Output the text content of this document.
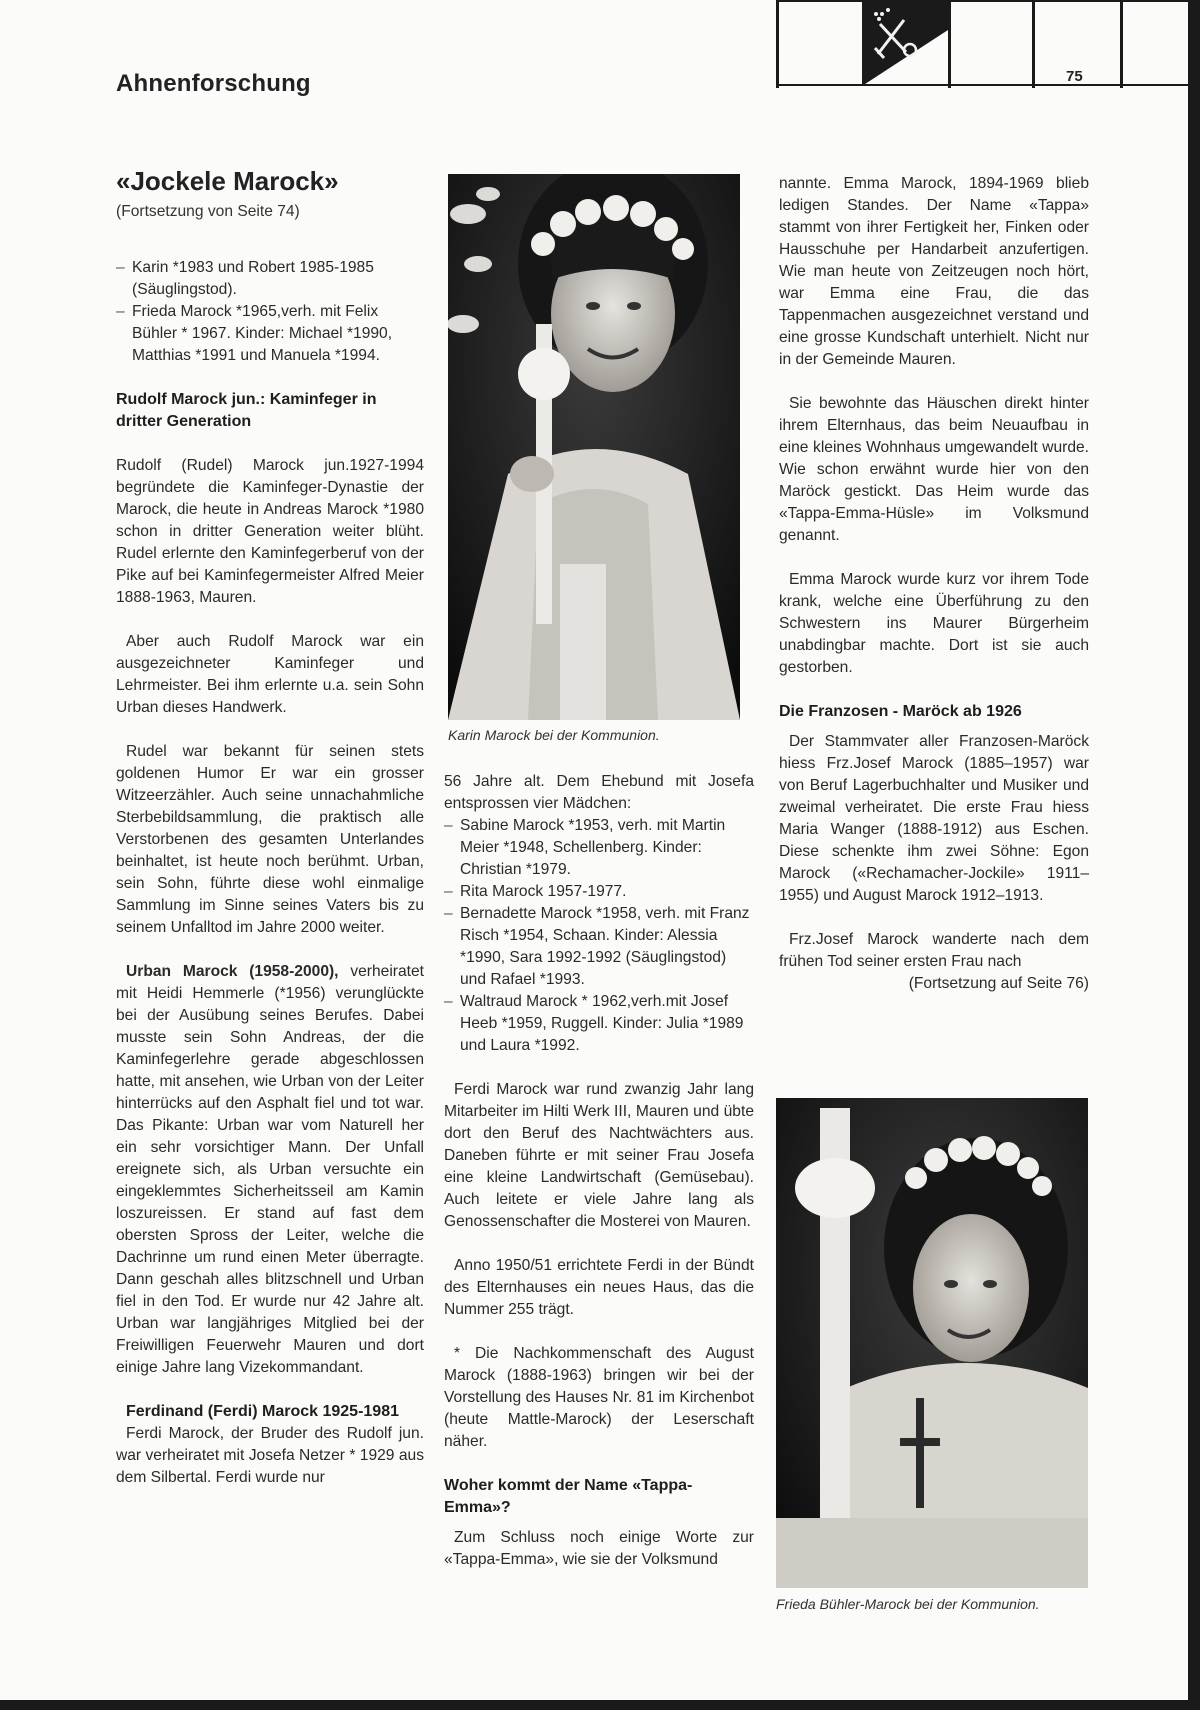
Ahnenforschung	75
«Jockele Marock»
(Fortsetzung von Seite 74)
– Karin *1983 und Robert 1985-1985 (Säuglingstod).
– Frieda Marock *1965,verh. mit Felix Bühler * 1967. Kinder: Michael *1990, Matthias *1991 und Manuela *1994.

Rudolf Marock jun.: Kaminfeger in dritter Generation

Rudolf (Rudel) Marock jun.1927-1994 begründete die Kaminfeger-Dynastie der Marock, die heute in Andreas Marock *1980 schon in dritter Generation weiter blüht. Rudel erlernte den Kaminfegerberuf von der Pike auf bei Kaminfegermeister Alfred Meier 1888-1963, Mauren.

Aber auch Rudolf Marock war ein ausgezeichneter Kaminfeger und Lehrmeister. Bei ihm erlernte u.a. sein Sohn Urban dieses Handwerk.

Rudel war bekannt für seinen stets goldenen Humor Er war ein grosser Witzeerzähler. Auch seine unnachahmliche Sterbebildsammlung, die praktisch alle Verstorbenen des gesamten Unterlandes beinhaltet, ist heute noch berühmt. Urban, sein Sohn, führte diese wohl einmalige Sammlung im Sinne seines Vaters bis zu seinem Unfalltod im Jahre 2000 weiter.

Urban Marock (1958-2000), verheiratet mit Heidi Hemmerle (*1956) verunglückte bei der Ausübung seines Berufes. Dabei musste sein Sohn Andreas, der die Kaminfegerlehre gerade abgeschlossen hatte, mit ansehen, wie Urban von der Leiter hinterrücks auf den Asphalt fiel und tot war. Das Pikante: Urban war vom Naturell her ein sehr vorsichtiger Mann. Der Unfall ereignete sich, als Urban versuchte ein eingeklemmtes Sicherheitsseil am Kamin loszureissen. Er stand auf fast dem obersten Spross der Leiter, welche die Dachrinne um rund einen Meter überragte. Dann geschah alles blitzschnell und Urban fiel in den Tod. Er wurde nur 42 Jahre alt. Urban war langjähriges Mitglied bei der Freiwilligen Feuerwehr Mauren und dort einige Jahre lang Vizekommandant.

Ferdinand (Ferdi) Marock 1925-1981

Ferdi Marock, der Bruder des Rudolf jun. war verheiratet mit Josefa Netzer * 1929 aus dem Silbertal. Ferdi wurde nur

Karin Marock bei der Kommunion.

56 Jahre alt. Dem Ehebund mit Josefa entsprossen vier Mädchen:

– Sabine Marock *1953, verh. mit Martin Meier *1948, Schellenberg. Kinder: Christian *1979.
– Rita Marock 1957-1977.
– Bernadette Marock *1958, verh. mit Franz Risch *1954, Schaan. Kinder: Alessia *1990, Sara 1992-1992 (Säuglingstod) und Rafael *1993.
– Waltraud Marock * 1962,verh.mit Josef Heeb *1959, Ruggell. Kinder: Julia *1989 und Laura *1992.

Ferdi Marock war rund zwanzig Jahr lang Mitarbeiter im Hilti Werk III, Mauren und übte dort den Beruf des Nachtwächters aus. Daneben führte er mit seiner Frau Josefa eine kleine Landwirtschaft (Gemüsebau). Auch leitete er viele Jahre lang als Genossenschafter die Mosterei von Mauren.

Anno 1950/51 errichtete Ferdi in der Bündt des Elternhauses ein neues Haus, das die Nummer 255 trägt.

* Die Nachkommenschaft des August Marock (1888-1963) bringen wir bei der Vorstellung des Hauses Nr. 81 im Kirchenbot (heute Mattle-Marock) der Leserschaft näher.

Woher kommt der Name «Tappa-Emma»?

Zum Schluss noch einige Worte zur «Tappa-Emma», wie sie der Volksmund

nannte. Emma Marock, 1894-1969 blieb ledigen Standes. Der Name «Tappa» stammt von ihrer Fertigkeit her, Finken oder Hausschuhe per Handarbeit anzufertigen. Wie man heute von Zeitzeugen noch hört, war Emma eine Frau, die das Tappenmachen ausgezeichnet verstand und eine grosse Kundschaft unterhielt. Nicht nur in der Gemeinde Mauren.

Sie bewohnte das Häuschen direkt hinter ihrem Elternhaus, das beim Neuaufbau in eine kleines Wohnhaus umgewandelt wurde. Wie schon erwähnt wurde hier von den Maröck gestickt. Das Heim wurde das «Tappa-Emma-Hüsle» im Volksmund genannt.

Emma Marock wurde kurz vor ihrem Tode krank, welche eine Überführung zu den Schwestern ins Maurer Bürgerheim unabdingbar machte. Dort ist sie auch gestorben.

Die Franzosen - Maröck ab 1926

Der Stammvater aller Franzosen-Maröck hiess Frz.Josef Marock (1885–1957) war von Beruf Lagerbuchhalter und Musiker und zweimal verheiratet. Die erste Frau hiess Maria Wanger (1888-1912) aus Eschen. Diese schenkte ihm zwei Söhne: Egon Marock («Rechamacher-Jockile» 1911–1955) und August Marock 1912–1913.

Frz.Josef Marock wanderte nach dem frühen Tod seiner ersten Frau nach

(Fortsetzung auf Seite 76)

Frieda Bühler-Marock bei der Kommunion.
